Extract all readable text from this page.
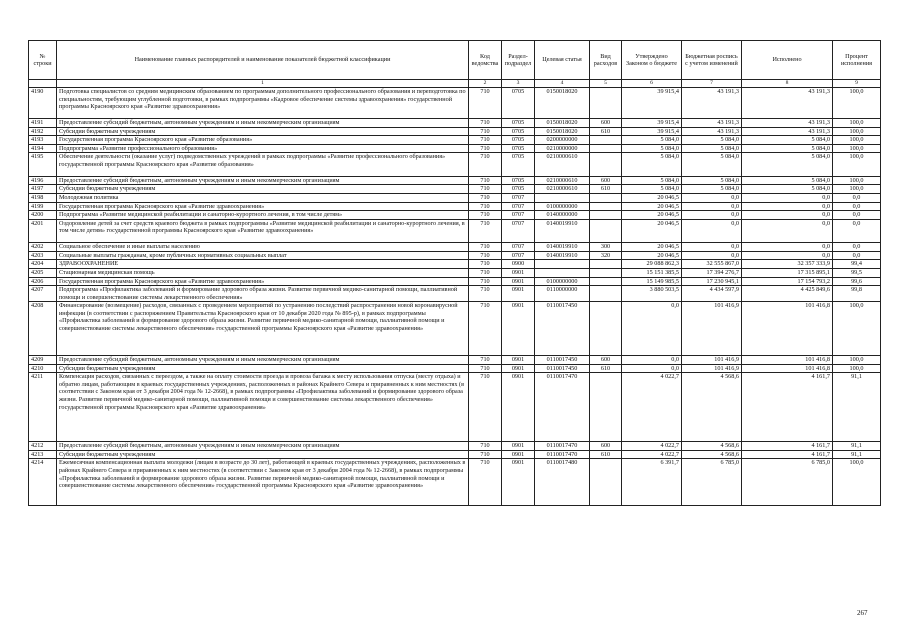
№ строки	Наименование главных распорядителей и наименование показателей бюджетной классификации	Код ведомства	Раздел-подраздел	Целевая статья	Вид расходов	Утверждено Законом о бюджете	Бюджетная роспись с учетом изменений	Исполнено	Процент исполнения
	1	2	3	4	5	6	7	8	9
4190	Подготовка специалистов со средним медицинским образованием по программам дополнительного профессионального образования и переподготовка по специальностям, требующим углубленной подготовки, в рамках подпрограммы «Кадровое обеспечение системы здравоохранения» государственной программы Красноярского края «Развитие здравоохранения»	710	0705	0150018020		39 915,4	43 191,3	43 191,3	100,0
4191	Предоставление субсидий бюджетным, автономным учреждениям и иным некоммерческим организациям	710	0705	0150018020	600	39 915,4	43 191,3	43 191,3	100,0
4192	Субсидии бюджетным учреждениям	710	0705	0150018020	610	39 915,4	43 191,3	43 191,3	100,0
4193	Государственная программа Красноярского края «Развитие образования»	710	0705	0200000000		5 084,0	5 084,0	5 084,0	100,0
4194	Подпрограмма «Развитие профессионального образования»	710	0705	0210000000		5 084,0	5 084,0	5 084,0	100,0
4195	Обеспечение деятельности (оказание услуг) подведомственных учреждений в рамках подпрограммы «Развитие профессионального образования» государственной программы Красноярского края «Развитие образования»	710	0705	0210000610		5 084,0	5 084,0	5 084,0	100,0
4196	Предоставление субсидий бюджетным, автономным учреждениям и иным некоммерческим организациям	710	0705	0210000610	600	5 084,0	5 084,0	5 084,0	100,0
4197	Субсидии бюджетным учреждениям	710	0705	0210000610	610	5 084,0	5 084,0	5 084,0	100,0
4198	Молодежная политика	710	0707			20 046,5	0,0	0,0	0,0
4199	Государственная программа Красноярского края «Развитие здравоохранения»	710	0707	0100000000		20 046,5	0,0	0,0	0,0
4200	Подпрограмма «Развитие медицинской реабилитации и санаторно-курортного лечения, в том числе детям»	710	0707	0140000000		20 046,5	0,0	0,0	0,0
4201	Оздоровление детей за счет средств краевого бюджета в рамках подпрограммы «Развитие медицинской реабилитации и санаторно-курортного лечения, в том числе детям» государственной программы Красноярского края «Развитие здравоохранения»	710	0707	0140019910		20 046,5	0,0	0,0	0,0
4202	Социальное обеспечение и иные выплаты населению	710	0707	0140019910	300	20 046,5	0,0	0,0	0,0
4203	Социальные выплаты гражданам, кроме публичных нормативных социальных выплат	710	0707	0140019910	320	20 046,5	0,0	0,0	0,0
4204	ЗДРАВООХРАНЕНИЕ	710	0900			29 088 862,3	32 555 867,0	32 357 333,9	99,4
4205	Стационарная медицинская помощь	710	0901			15 151 385,5	17 394 276,7	17 315 895,1	99,5
4206	Государственная программа Красноярского края «Развитие здравоохранения»	710	0901	0100000000		15 149 985,5	17 230 945,1	17 154 793,2	99,6
4207	Подпрограмма «Профилактика заболеваний и формирование здорового образа жизни. Развитие первичной медико-санитарной помощи, паллиативной помощи и совершенствование системы лекарственного обеспечения»	710	0901	0110000000		3 880 503,5	4 434 597,9	4 425 849,6	99,8
4208	Финансирование (возмещение) расходов, связанных с проведением мероприятий по устранению последствий распространения новой коронавирусной инфекции (в соответствии с распоряжением Правительства Красноярского края от 10 декабря 2020 года № 895-р), в рамках подпрограммы «Профилактика заболеваний и формирование здорового образа жизни. Развитие первичной медико-санитарной помощи, паллиативной помощи и совершенствование системы лекарственного обеспечения» государственной программы Красноярского края «Развитие здравоохранения»	710	0901	0110017450		0,0	101 416,9	101 416,8	100,0
4209	Предоставление субсидий бюджетным, автономным учреждениям и иным некоммерческим организациям	710	0901	0110017450	600	0,0	101 416,9	101 416,8	100,0
4210	Субсидии бюджетным учреждениям	710	0901	0110017450	610	0,0	101 416,9	101 416,8	100,0
4211	Компенсация расходов, связанных с переездом, а также на оплату стоимости проезда и провоза багажа к месту использования отпуска (месту отдыха) и обратно лицам, работающим в краевых государственных учреждениях, расположенных в районах Крайнего Севера и приравненных к ним местностях (в соответствии с Законом края от 3 декабря 2004 года № 12-2668), в рамках подпрограммы «Профилактика заболеваний и формирование здорового образа жизни. Развитие первичной медико-санитарной помощи, паллиативной помощи и совершенствование системы лекарственного обеспечения» государственной программы Красноярского края «Развитие здравоохранения»	710	0901	0110017470		4 022,7	4 568,6	4 161,7	91,1
4212	Предоставление субсидий бюджетным, автономным учреждениям и иным некоммерческим организациям	710	0901	0110017470	600	4 022,7	4 568,6	4 161,7	91,1
4213	Субсидии бюджетным учреждениям	710	0901	0110017470	610	4 022,7	4 568,6	4 161,7	91,1
4214	Ежемесячная компенсационная выплата молодежи (лицам в возрасте до 30 лет), работающей в краевых государственных учреждениях, расположенных в районах Крайнего Севера и приравненных к ним местностях (в соответствии с Законом края от 3 декабря 2004 года № 12-2668), в рамках подпрограммы «Профилактика заболеваний и формирование здорового образа жизни. Развитие первичной медико-санитарной помощи, паллиативной помощи и совершенствование системы лекарственного обеспечения» государственной программы Красноярского края «Развитие здравоохранения»	710	0901	0110017480		6 391,7	6 785,0	6 785,0	100,0
267
